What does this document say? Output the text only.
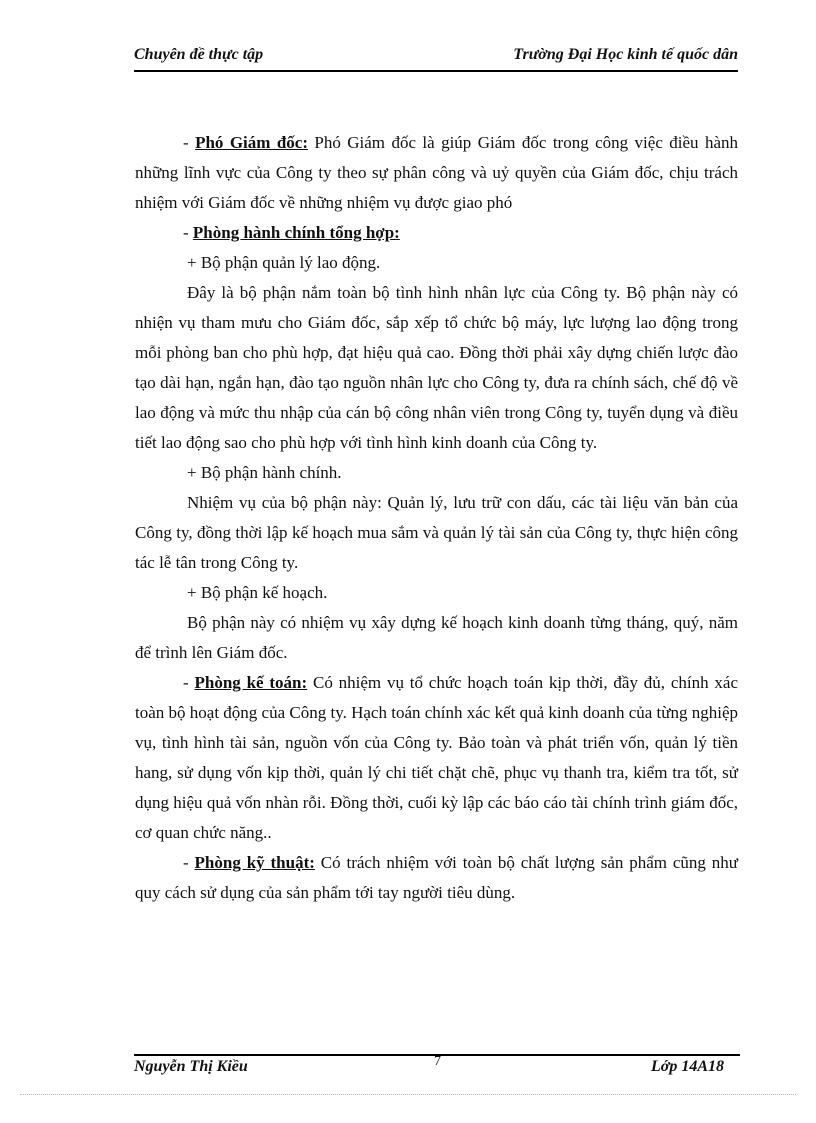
Chuyên đề thực tập	Trường Đại Học kinh tế quốc dân

- Phó Giám đốc: Phó Giám đốc là giúp Giám đốc trong công việc điều hành những lĩnh vực của Công ty theo sự phân công và uỷ quyền của Giám đốc, chịu trách nhiệm với Giám đốc về những nhiệm vụ được giao phó

- Phòng hành chính tổng hợp:

+ Bộ phận quản lý lao động.

Đây là bộ phận nắm toàn bộ tình hình nhân lực của Công ty. Bộ phận này có nhiện vụ tham mưu cho Giám đốc, sắp xếp tổ chức bộ máy, lực lượng lao động trong mỗi phòng ban cho phù hợp, đạt hiệu quả cao. Đồng thời phải xây dựng chiến lược đào tạo dài hạn, ngắn hạn, đào tạo nguồn nhân lực cho Công ty, đưa ra chính sách, chế độ về lao động và mức thu nhập của cán bộ công nhân viên trong Công ty, tuyển dụng và điều tiết lao động sao cho phù hợp với tình hình kinh doanh của Công ty.

+ Bộ phận hành chính.

Nhiệm vụ của bộ phận này: Quản lý, lưu trữ con dấu, các tài liệu văn bản của Công ty, đồng thời lập kế hoạch mua sắm và quản lý tài sản của Công ty, thực hiện công tác lễ tân trong Công ty.

+ Bộ phận kế hoạch.

Bộ phận này có nhiệm vụ xây dựng kế hoạch kinh doanh từng tháng, quý, năm để trình lên Giám đốc.

- Phòng kế toán: Có nhiệm vụ tổ chức hoạch toán kịp thời, đầy đủ, chính xác toàn bộ hoạt động của Công ty. Hạch toán chính xác kết quả kinh doanh của từng nghiệp vụ, tình hình tài sản, nguồn vốn của Công ty. Bảo toàn và phát triển vốn, quản lý tiền hang, sử dụng vốn kịp thời, quản lý chi tiết chặt chẽ, phục vụ thanh tra, kiểm tra tốt, sử dụng hiệu quả vốn nhàn rỗi. Đồng thời, cuối kỳ lập các báo cáo tài chính trình giám đốc, cơ quan chức năng..

- Phòng kỹ thuật: Có trách nhiệm với toàn bộ chất lượng sản phẩm cũng như quy cách sử dụng của sản phẩm tới tay người tiêu dùng.

Nguyễn Thị Kiều	7	Lớp 14A18
